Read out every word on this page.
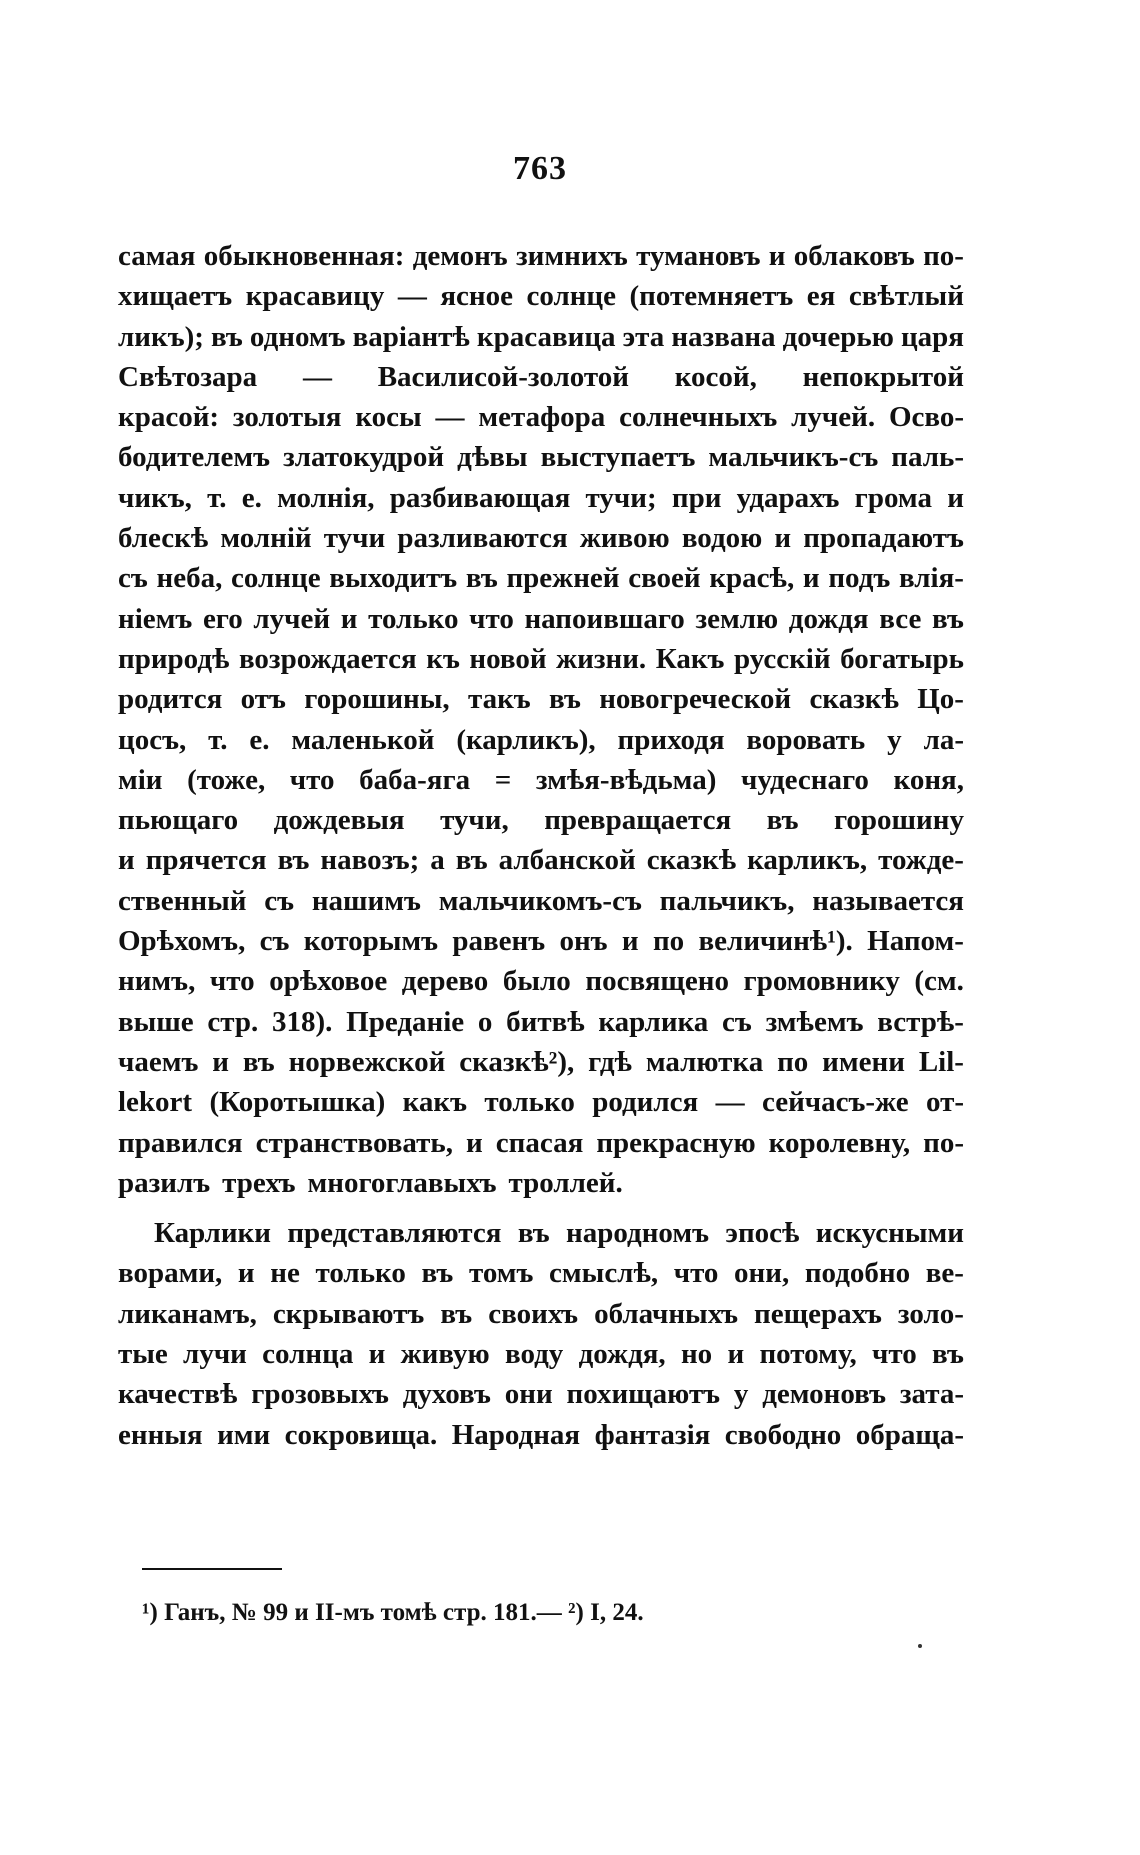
763
самая обыкновенная: демонъ зимнихъ тумановъ и облаковъ по-
хищаетъ красавицу — ясное солнце (потемняетъ ея свѣтлый
ликъ); въ одномъ варіантѣ красавица эта названа дочерью царя
Свѣтозара — Василисой-золотой косой, непокрытой
красой: золотыя косы — метафора солнечныхъ лучей. Осво-
бодителемъ златокудрой дѣвы выступаетъ мальчикъ-съ паль-
чикъ, т. е. молнія, разбивающая тучи; при ударахъ грома и
блескѣ молній тучи разливаются живою водою и пропадаютъ
съ неба, солнце выходитъ въ прежней своей красѣ, и подъ влія-
ніемъ его лучей и только что напоившаго землю дождя все въ
природѣ возрождается къ новой жизни. Какъ русскій богатырь
родится отъ горошины, такъ въ новогреческой сказкѣ Цо-
цосъ, т. е. маленькой (карликъ), приходя воровать у ла-
міи (тоже, что баба-яга = змѣя-вѣдьма) чудеснаго коня,
пьющаго дождевыя тучи, превращается въ горошину
и прячется въ навозъ; а въ албанской сказкѣ карликъ, тожде-
ственный съ нашимъ мальчикомъ-съ пальчикъ, называется
Орѣхомъ, съ которымъ равенъ онъ и по величинѣ¹). Напом-
нимъ, что орѣховое дерево было посвящено громовнику (см.
выше стр. 318). Преданіе о битвѣ карлика съ змѣемъ встрѣ-
чаемъ и въ норвежской сказкѣ²), гдѣ малютка по имени Lil-
lekort (Коротышка) какъ только родился — сейчасъ-же от-
правился странствовать, и спасая прекрасную королевну, по-
разилъ трехъ многоглавыхъ троллей.
Карлики представляются въ народномъ эпосѣ искусными
ворами, и не только въ томъ смыслѣ, что они, подобно ве-
ликанамъ, скрываютъ въ своихъ облачныхъ пещерахъ золо-
тые лучи солнца и живую воду дождя, но и потому, что въ
качествѣ грозовыхъ духовъ они похищаютъ у демоновъ зата-
енныя ими сокровища. Народная фантазія свободно обраща-
¹) Ганъ, № 99 и II-мъ томѣ стр. 181.— ²) I, 24.
